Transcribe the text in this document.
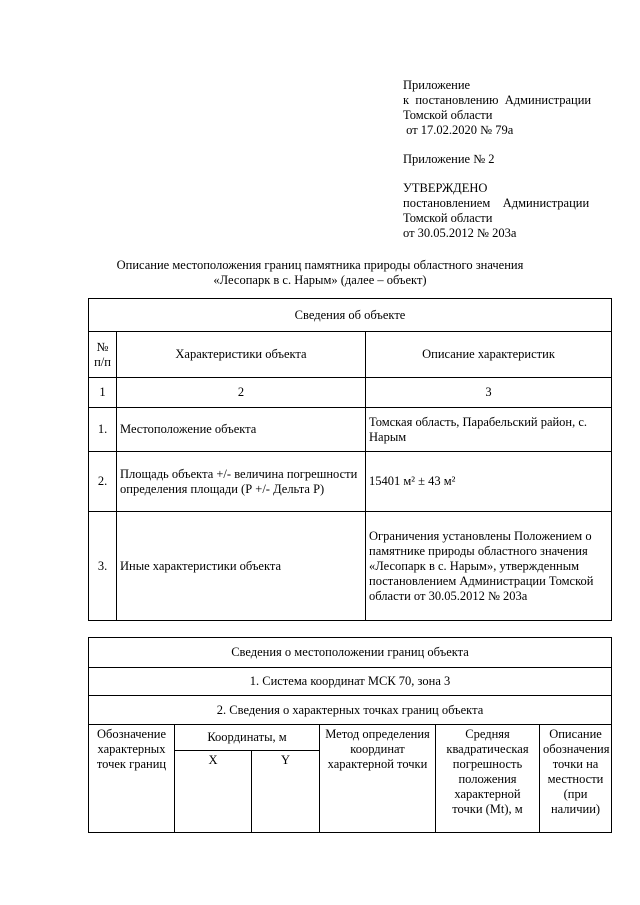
Приложение
к  постановлению  Администрации
Томской области
от 17.02.2020 № 79а
Приложение № 2
УТВЕРЖДЕНО
постановлением    Администрации
Томской области
от 30.05.2012 № 203а
Описание местоположения границ памятника природы областного значения
«Лесопарк в с. Нарым» (далее – объект)
Сведения об объекте		
№ п/п	Характеристики объекта	Описание характеристик
1	2	3
1.	Местоположение объекта	Томская область, Парабельский район, с. Нарым
2.	Площадь объекта +/- величина погрешности определения площади (Р +/- Дельта Р)	15401 м² ± 43 м²
3.	Иные характеристики объекта	Ограничения установлены Положением о памятнике природы областного значения «Лесопарк в с. Нарым», утвержденным постановлением Администрации Томской области от 30.05.2012 № 203а
Сведения о местоположении границ объекта					
1. Система координат МСК 70, зона 3					
2. Сведения о характерных точках границ объекта					
Обозначение характерных точек границ	Координаты, м		Метод определения координат характерной точки	Средняя квадратическая погрешность положения характерной точки (Mt), м	Описание обозначения точки на местности (при наличии)
	X	Y			
